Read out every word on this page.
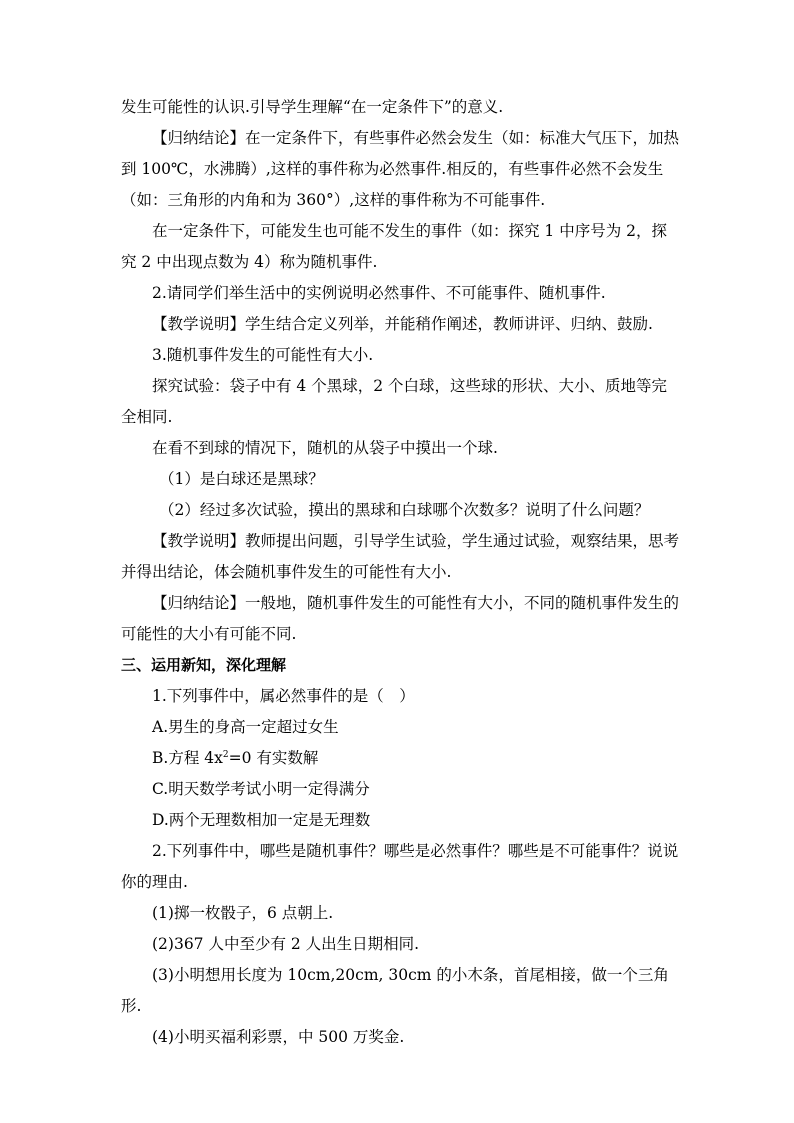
发生可能性的认识.引导学生理解“在一定条件下”的意义.

【归纳结论】在一定条件下，有些事件必然会发生（如：标准大气压下，加热到 100℃，水沸腾）,这样的事件称为必然事件.相反的，有些事件必然不会发生（如：三角形的内角和为 360°）,这样的事件称为不可能事件.

在一定条件下，可能发生也可能不发生的事件（如：探究 1 中序号为 2，探究 2 中出现点数为 4）称为随机事件.

2.请同学们举生活中的实例说明必然事件、不可能事件、随机事件.

【教学说明】学生结合定义列举，并能稍作阐述，教师讲评、归纳、鼓励.

3.随机事件发生的可能性有大小.

探究试验：袋子中有 4 个黑球，2 个白球，这些球的形状、大小、质地等完全相同.

在看不到球的情况下，随机的从袋子中摸出一个球.

（1）是白球还是黑球？

（2）经过多次试验，摸出的黑球和白球哪个次数多？说明了什么问题？

【教学说明】教师提出问题，引导学生试验，学生通过试验，观察结果，思考并得出结论，体会随机事件发生的可能性有大小.

【归纳结论】一般地，随机事件发生的可能性有大小，不同的随机事件发生的可能性的大小有可能不同.

三、运用新知，深化理解

1.下列事件中，属必然事件的是（　）

A.男生的身高一定超过女生

B.方程 $4x^2=0$ 有实数解

C.明天数学考试小明一定得满分

D.两个无理数相加一定是无理数

2.下列事件中，哪些是随机事件？哪些是必然事件？哪些是不可能事件？说说你的理由.

(1)掷一枚骰子，6 点朝上.

(2)367 人中至少有 2 人出生日期相同.

(3)小明想用长度为 10cm,20cm, 30cm 的小木条，首尾相接，做一个三角形.

(4)小明买福利彩票，中 500 万奖金.
